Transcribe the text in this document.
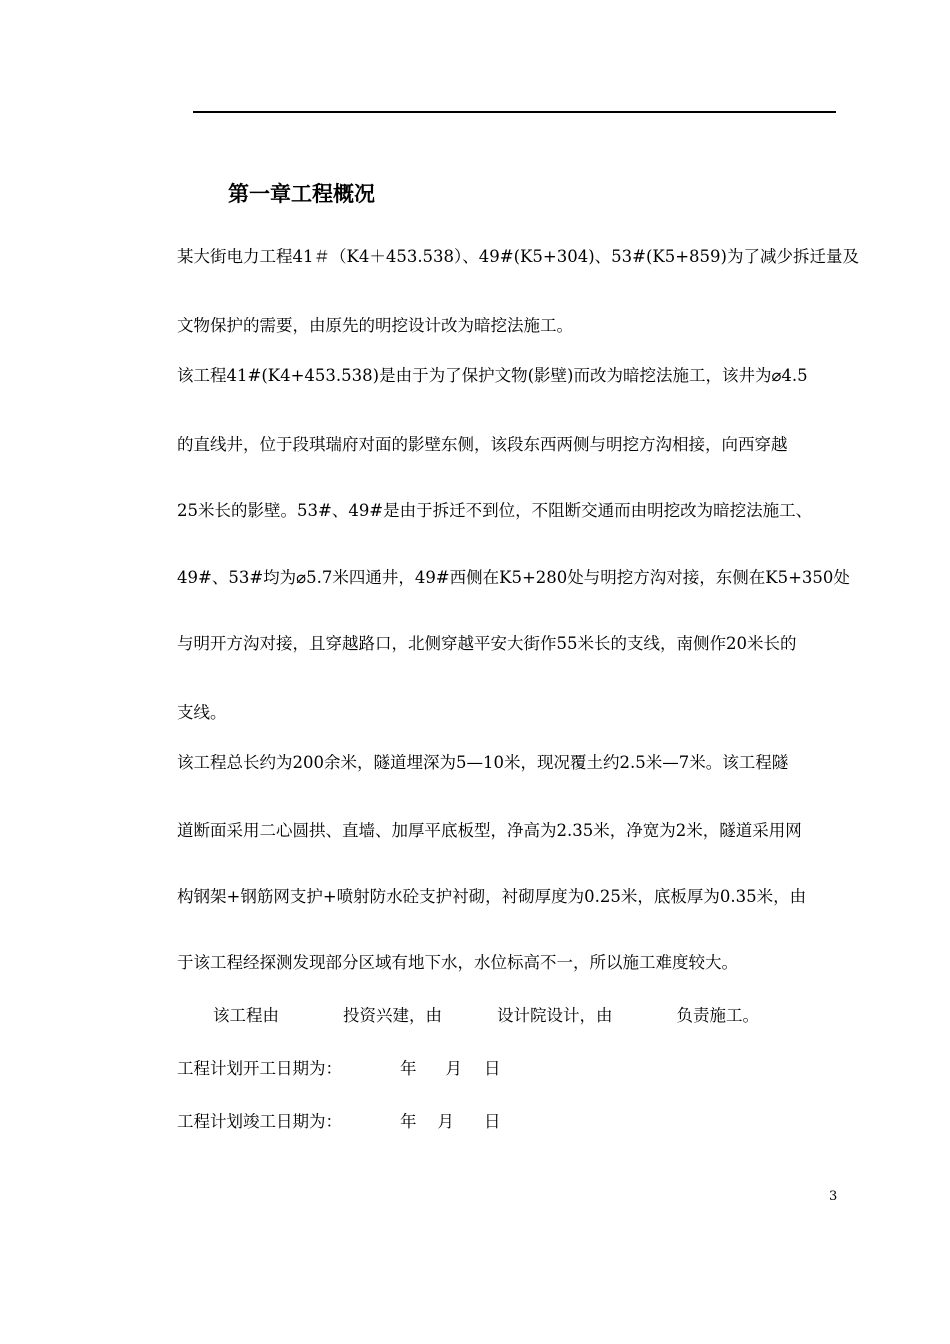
第一章工程概况
某大街电力工程41＃（K4＋453.538）、49#(K5+304)、53#(K5+859)为了减少拆迁量及
文物保护的需要，由原先的明挖设计改为暗挖法施工。
该工程41#(K4+453.538)是由于为了保护文物(影壁)而改为暗挖法施工，该井为⌀4.5
的直线井，位于段琪瑞府对面的影壁东侧，该段东西两侧与明挖方沟相接，向西穿越
25米长的影壁。53#、49#是由于拆迁不到位，不阻断交通而由明挖改为暗挖法施工、
49#、53#均为⌀5.7米四通井，49#西侧在K5+280处与明挖方沟对接，东侧在K5+350处
与明开方沟对接，且穿越路口，北侧穿越平安大街作55米长的支线，南侧作20米长的
支线。
该工程总长约为200余米，隧道埋深为5—10米，现况覆土约2.5米—7米。该工程隧
道断面采用二心圆拱、直墙、加厚平底板型，净高为2.35米，净宽为2米，隧道采用网
构钢架+钢筋网支护+喷射防水砼支护衬砌，衬砌厚度为0.25米，底板厚为0.35米，由
于该工程经探测发现部分区域有地下水，水位标高不一，所以施工难度较大。
该工程由	投资兴建，由	设计院设计，由	负责施工。
工程计划开工日期为：	年 月 日
工程计划竣工日期为：	年 月 日
3
